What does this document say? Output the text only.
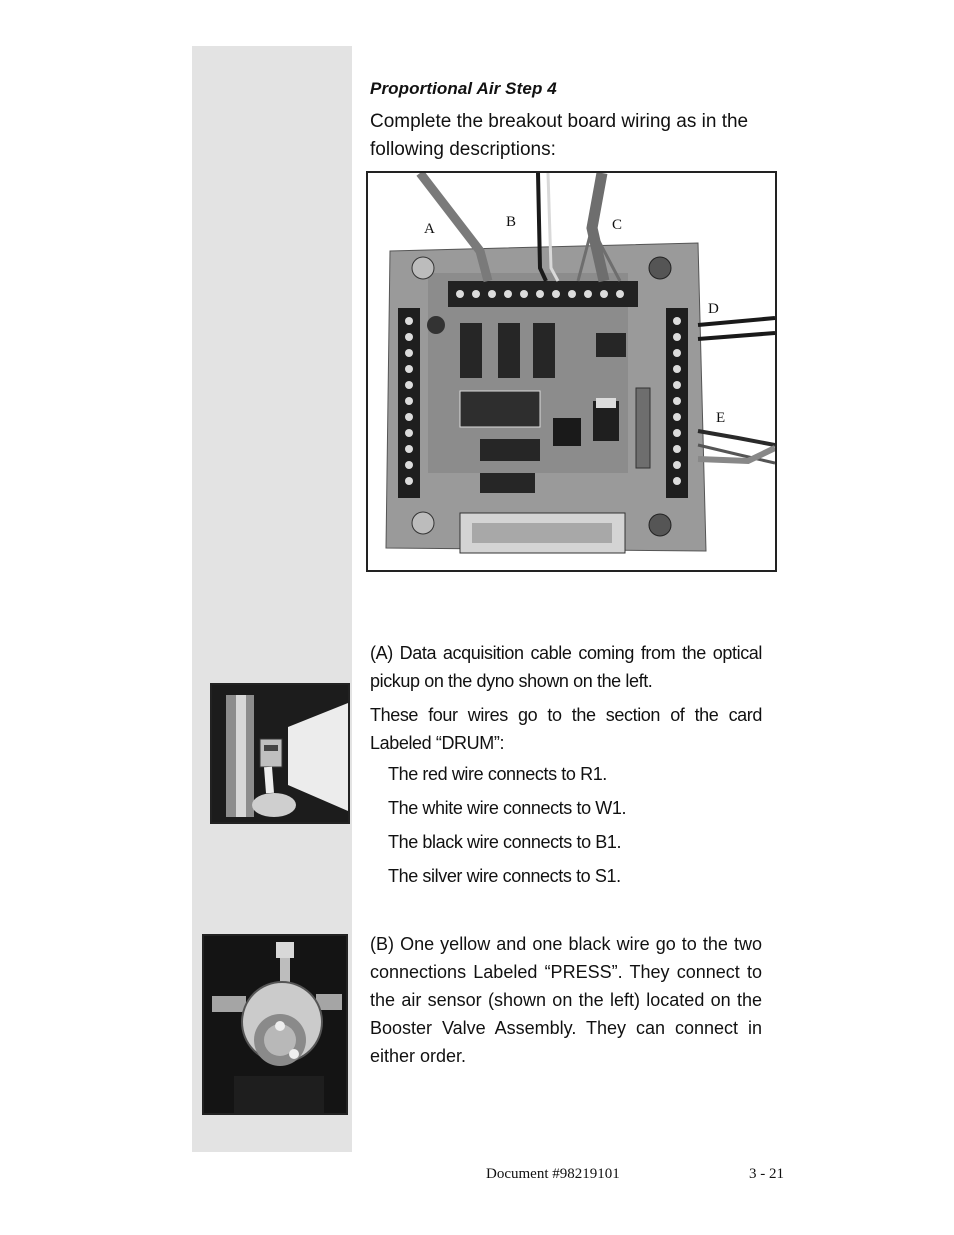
Proportional Air Step 4

Complete the breakout board wiring as in the following descriptions:

A	B	C
D
E

(A) Data acquisition cable coming from the optical pickup on the dyno shown on the left.

These four wires go to the section of the card Labeled “DRUM”:

The red wire connects to R1.

The white wire connects to W1.

The black wire connects to B1.

The silver wire connects to S1.

(B) One yellow and one black wire go to the two connections Labeled “PRESS”. They connect to the air sensor (shown on the left) located on the Booster Valve Assembly. They can connect in either order.

Document #98219101	3 - 21
